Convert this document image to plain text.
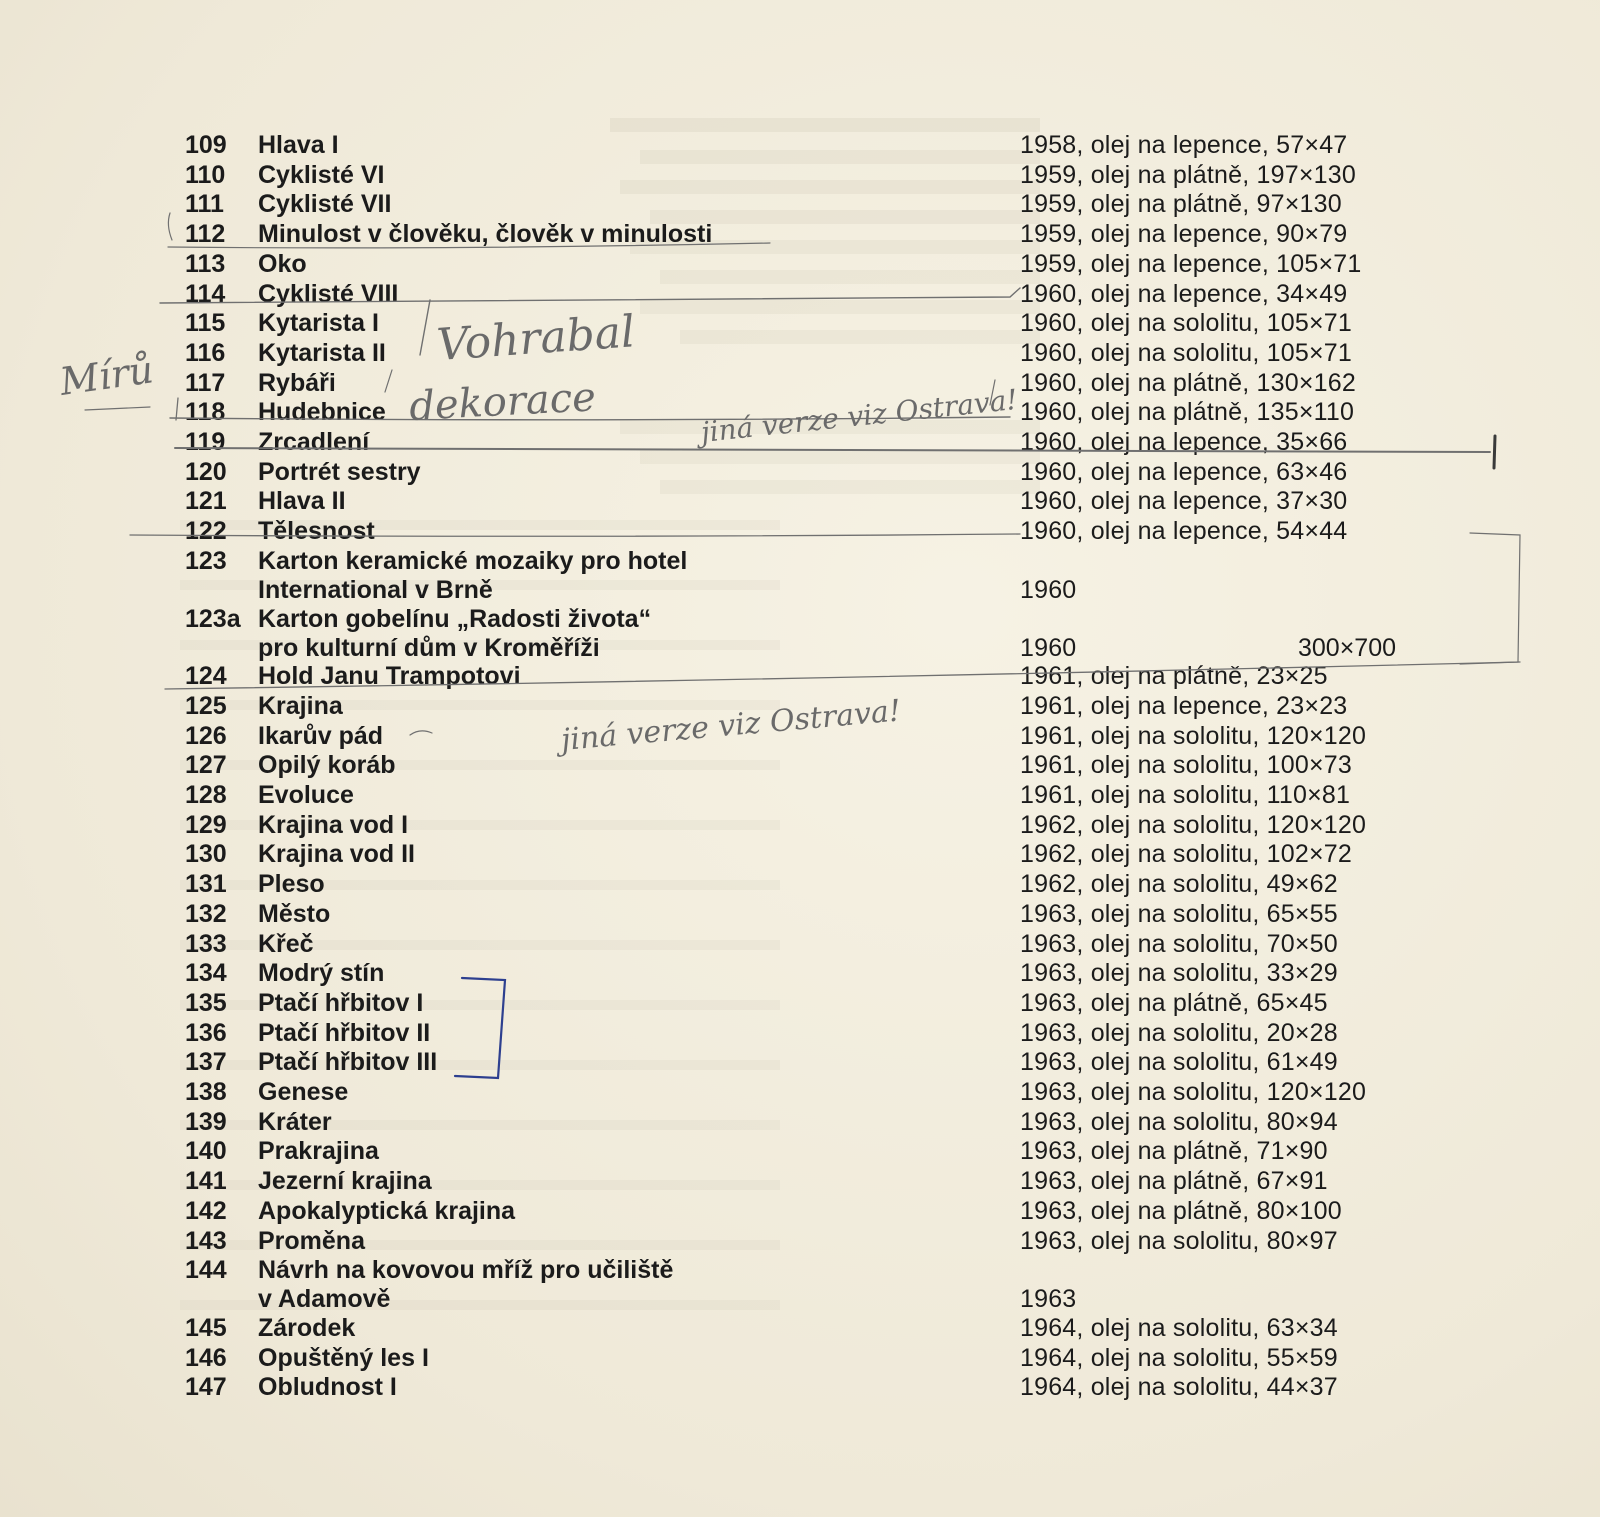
109	Hlava I	1958, olej na lepence, 57×47
110	Cyklisté VI	1959, olej na plátně, 197×130
111	Cyklisté VII	1959, olej na plátně, 97×130
112	Minulost v člověku, člověk v minulosti	1959, olej na lepence, 90×79
113	Oko	1959, olej na lepence, 105×71
114	Cyklisté VIII	1960, olej na lepence, 34×49
115	Kytarista I	1960, olej na sololitu, 105×71
116	Kytarista II	1960, olej na sololitu, 105×71
117	Rybáři	1960, olej na plátně, 130×162
118	Hudebnice	1960, olej na plátně, 135×110
119	Zrcadlení	1960, olej na lepence, 35×66
120	Portrét sestry	1960, olej na lepence, 63×46
121	Hlava II	1960, olej na lepence, 37×30
122	Tělesnost	1960, olej na lepence, 54×44
123	Karton keramické mozaiky pro hotel
International v Brně	1960
123a Karton gobelínu „Radosti života“
pro kulturní dům v Kroměříži	1960	300×700
124	Hold Janu Trampotovi	1961, olej na plátně, 23×25
125	Krajina	1961, olej na lepence, 23×23
126	Ikarův pád	1961, olej na sololitu, 120×120
127	Opilý koráb	1961, olej na sololitu, 100×73
128	Evoluce	1961, olej na sololitu, 110×81
129	Krajina vod I	1962, olej na sololitu, 120×120
130	Krajina vod II	1962, olej na sololitu, 102×72
131	Pleso	1962, olej na sololitu, 49×62
132	Město	1963, olej na sololitu, 65×55
133	Křeč	1963, olej na sololitu, 70×50
134	Modrý stín	1963, olej na sololitu, 33×29
135	Ptačí hřbitov I	1963, olej na plátně, 65×45
136	Ptačí hřbitov II	1963, olej na sololitu, 20×28
137	Ptačí hřbitov III	1963, olej na sololitu, 61×49
138	Genese	1963, olej na sololitu, 120×120
139	Kráter	1963, olej na sololitu, 80×94
140	Prakrajina	1963, olej na plátně, 71×90
141	Jezerní krajina	1963, olej na plátně, 67×91
142	Apokalyptická krajina	1963, olej na plátně, 80×100
143	Proměna	1963, olej na sololitu, 80×97
144	Návrh na kovovou mříž pro učiliště
v Adamově	1963
145	Zárodek	1964, olej na sololitu, 63×34
146	Opuštěný les I	1964, olej na sololitu, 55×59
147	Obludnost I	1964, olej na sololitu, 44×37
Mírů
Vohrabal
dekorace	jiná verze viz Ostrava!
jiná verze viz Ostrava!
